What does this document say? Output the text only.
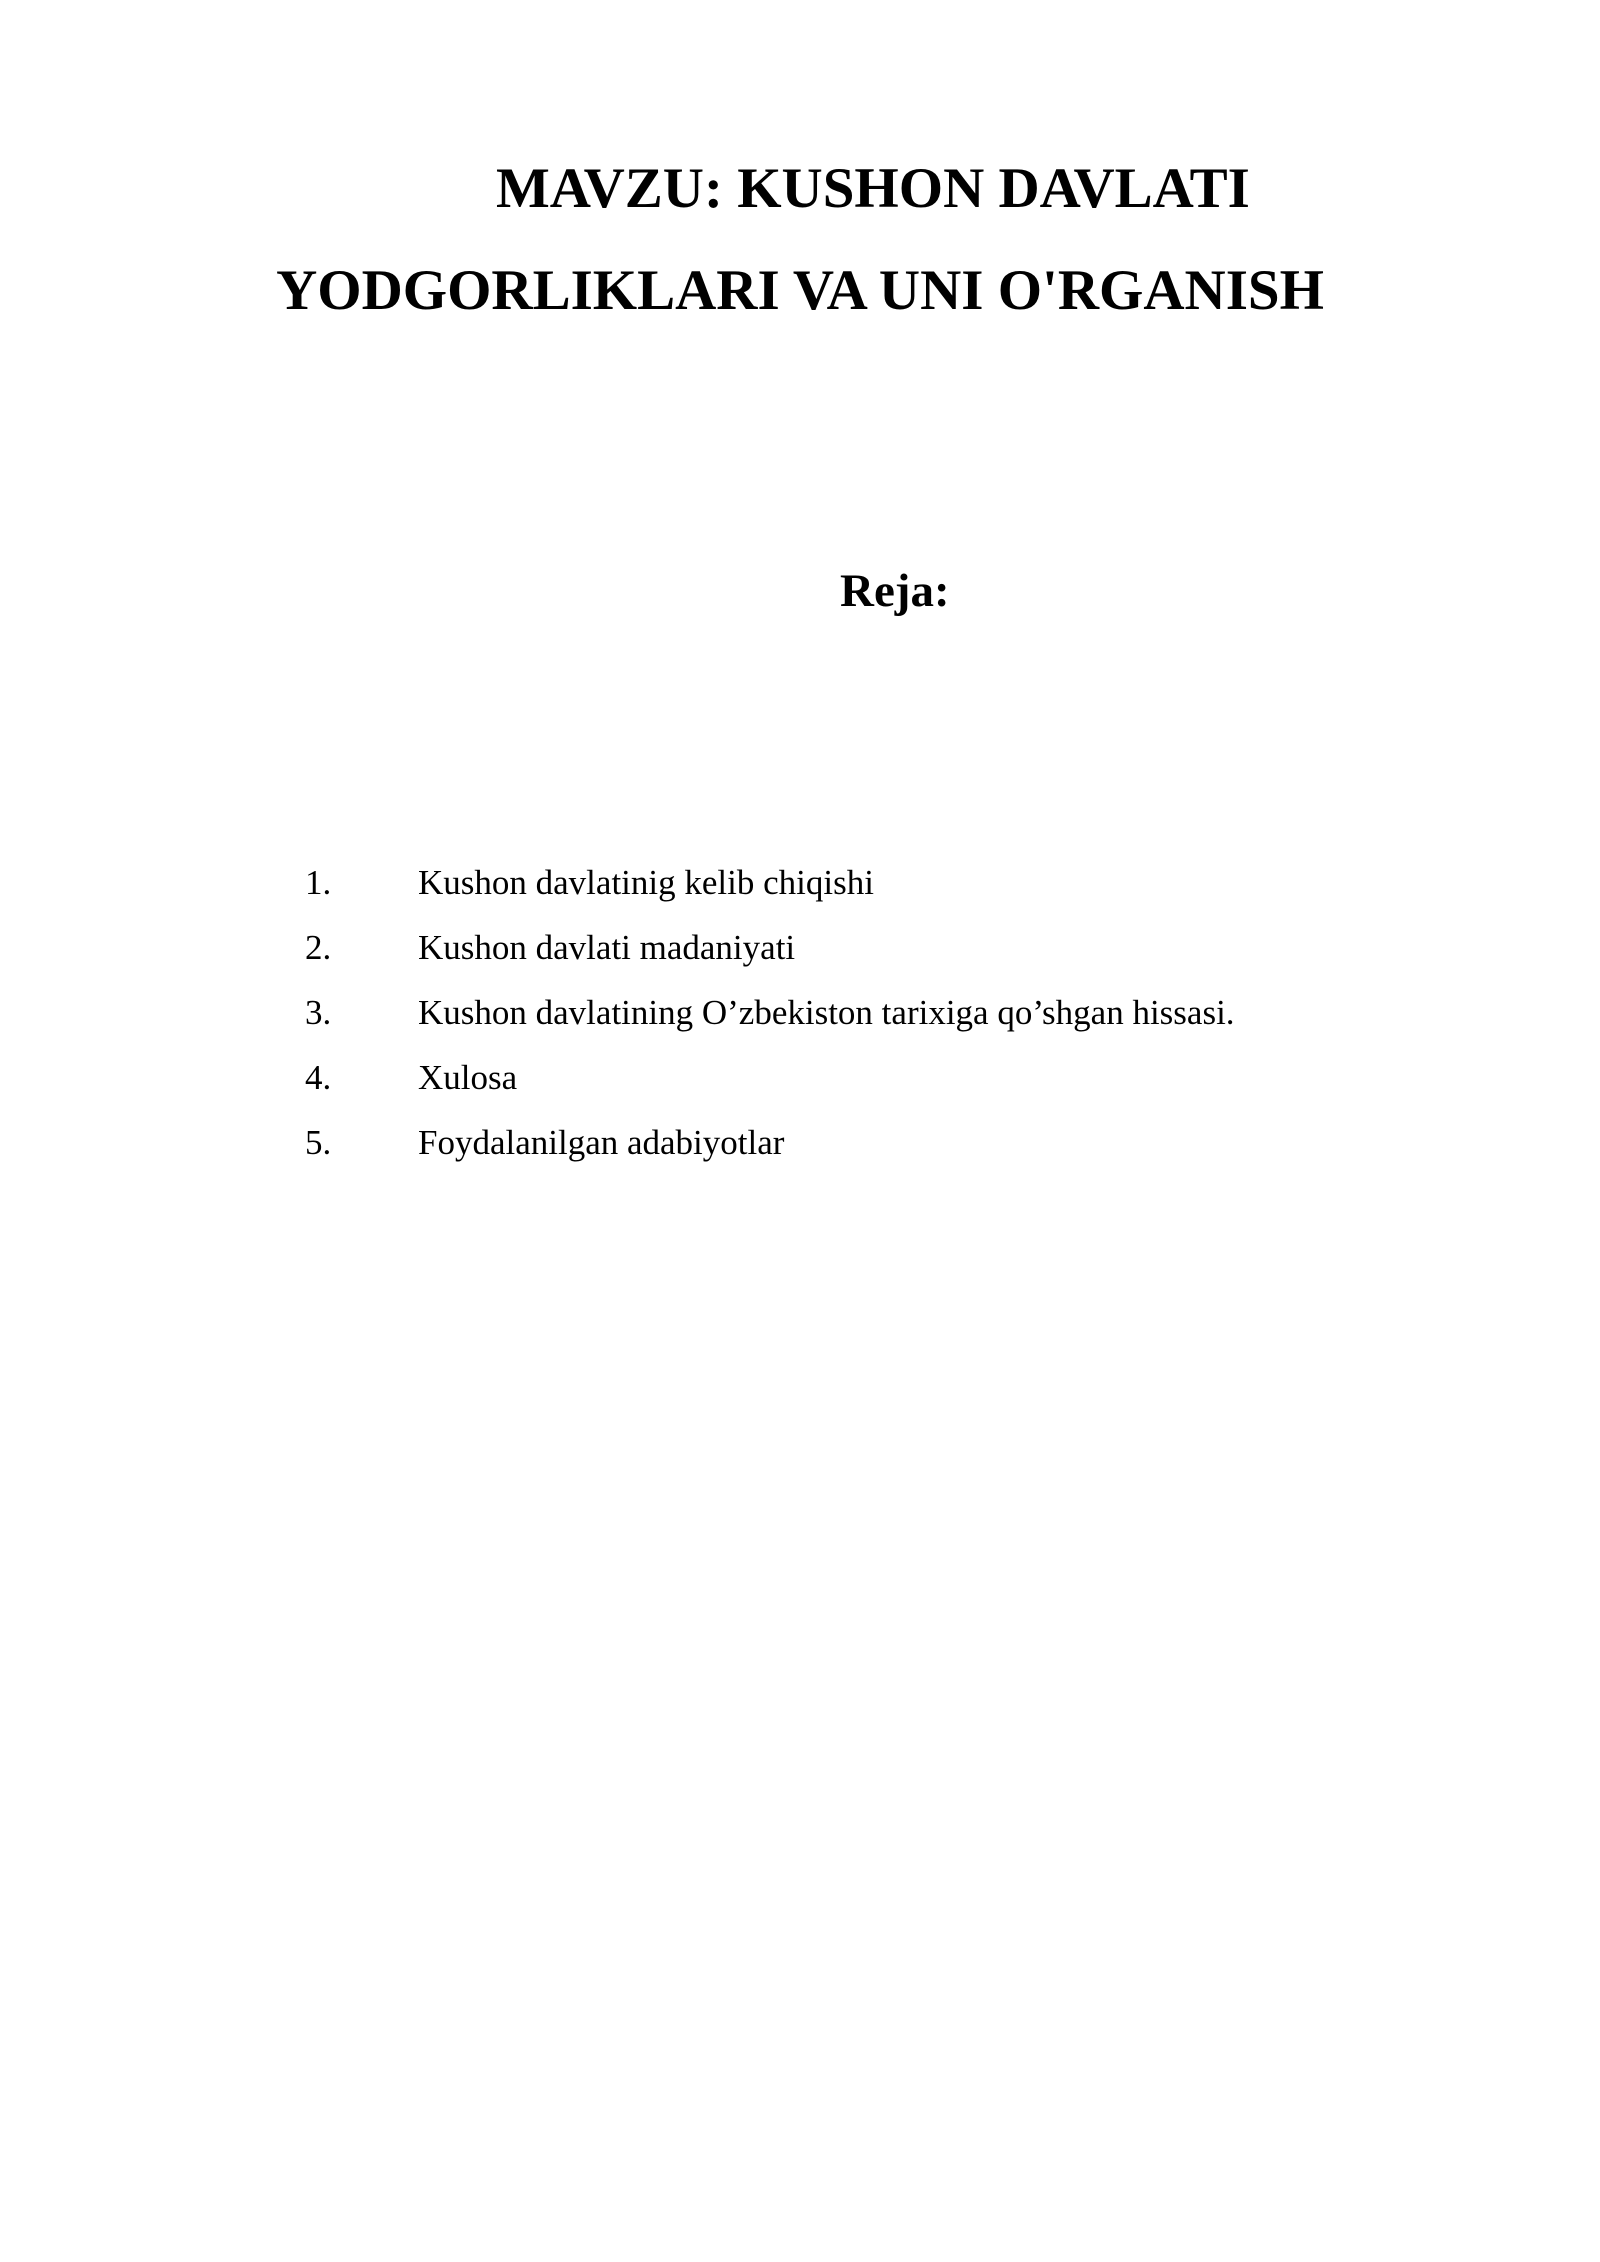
MAVZU: KUSHON DAVLATI
YODGORLIKLARI VA UNI O'RGANISH
Reja:
1.	Kushon davlatinig kelib chiqishi
2.	Kushon davlati madaniyati
3.	Kushon davlatining O’zbekiston tarixiga qo’shgan hissasi.
4.	Xulosa
5.	Foydalanilgan adabiyotlar
